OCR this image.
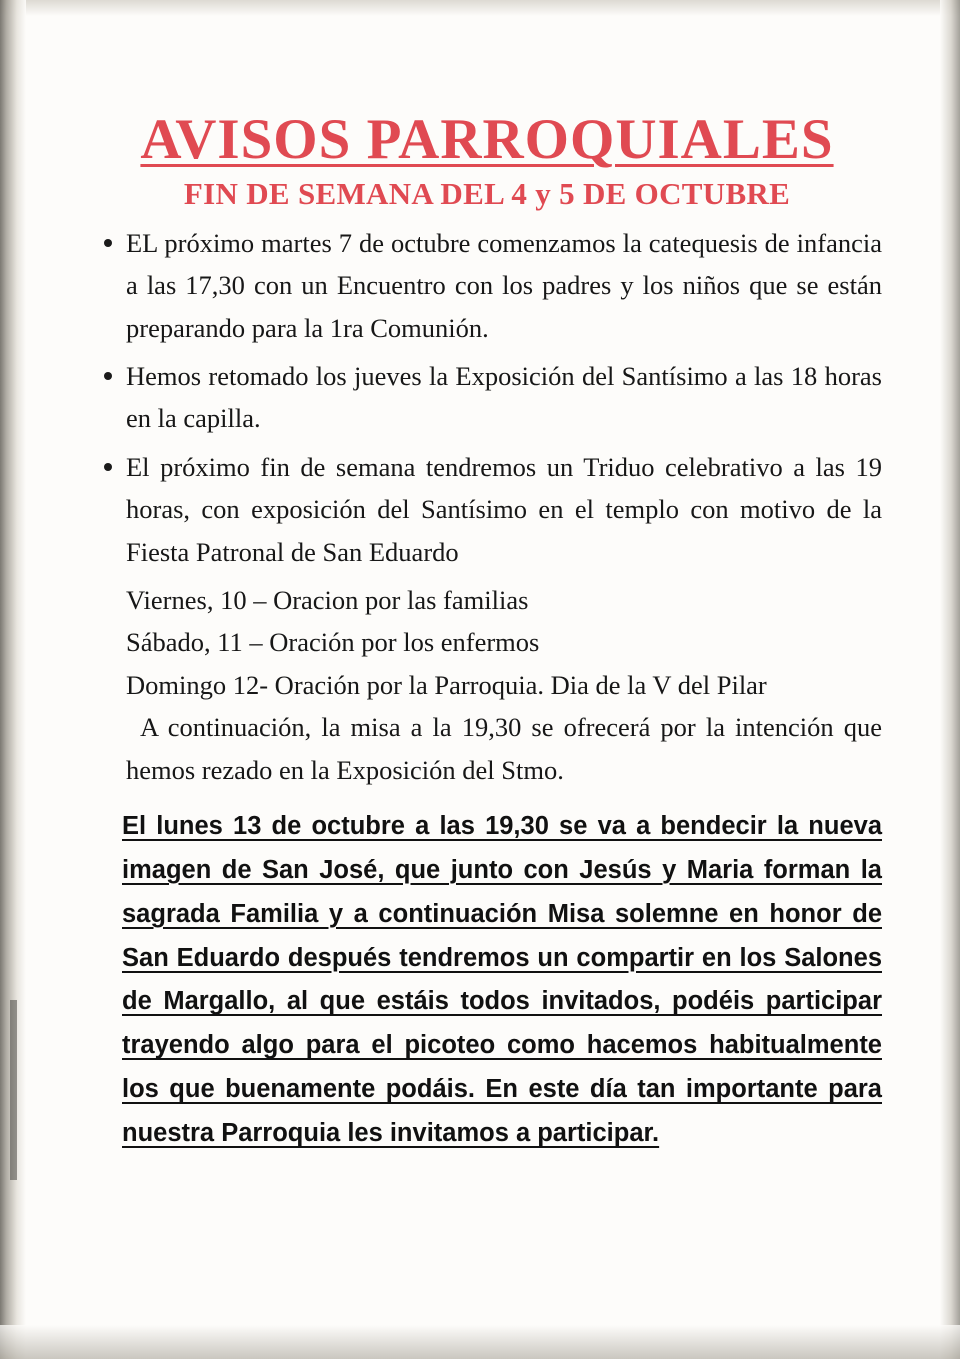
AVISOS PARROQUIALES
FIN DE SEMANA DEL 4 y 5 DE OCTUBRE
EL próximo martes 7 de octubre comenzamos la catequesis de infancia a las 17,30 con un Encuentro con los padres y los niños que se están preparando para la 1ra Comunión.
Hemos retomado los jueves la Exposición del Santísimo a las 18 horas en la capilla.
El próximo fin de semana tendremos un Triduo celebrativo a las 19 horas, con exposición del Santísimo en el templo con motivo de la Fiesta Patronal de San Eduardo
Viernes, 10 – Oracion por las familias
Sábado, 11 – Oración por los enfermos
Domingo 12- Oración por la Parroquia. Dia de la V del Pilar
A continuación, la misa a la 19,30 se ofrecerá por la intención que hemos rezado en la Exposición del Stmo.
El lunes 13 de octubre a las 19,30 se va a bendecir la nueva imagen de San José, que junto con Jesús y Maria forman la sagrada Familia y a continuación Misa solemne en honor de San Eduardo después tendremos un compartir en los Salones de Margallo, al que estáis todos invitados, podéis participar trayendo algo para el picoteo como hacemos habitualmente los que buenamente podáis. En este día tan importante para nuestra Parroquia les invitamos a participar.
